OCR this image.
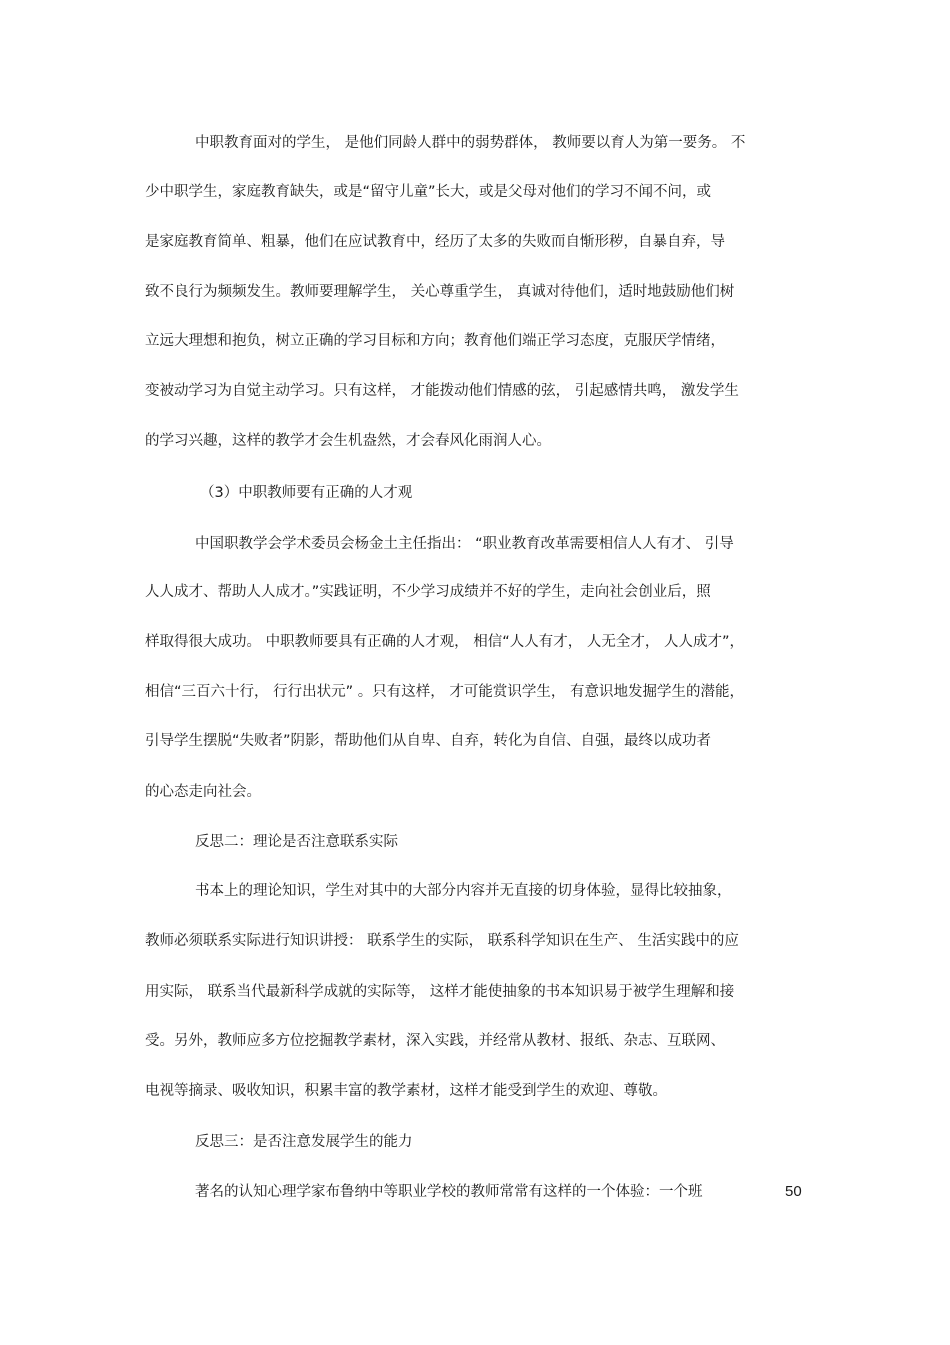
中职教育面对的学生， 是他们同龄人群中的弱势群体， 教师要以育人为第一要务。 不
少中职学生，家庭教育缺失，或是“留守儿童”长大，或是父母对他们的学习不闻不问，或
是家庭教育简单、粗暴，他们在应试教育中，经历了太多的失败而自惭形秽，自暴自弃，导
致不良行为频频发生。教师要理解学生， 关心尊重学生， 真诚对待他们，适时地鼓励他们树
立远大理想和抱负，树立正确的学习目标和方向；教育他们端正学习态度，克服厌学情绪，
变被动学习为自觉主动学习。只有这样， 才能拨动他们情感的弦， 引起感情共鸣， 激发学生
的学习兴趣，这样的教学才会生机盎然，才会春风化雨润人心。
（3）中职教师要有正确的人才观
中国职教学会学术委员会杨金土主任指出： “职业教育改革需要相信人人有才、 引导
人人成才、帮助人人成才。”实践证明，不少学习成绩并不好的学生，走向社会创业后，照
样取得很大成功。 中职教师要具有正确的人才观， 相信“人人有才， 人无全才， 人人成才”，
相信“三百六十行， 行行出状元” 。只有这样， 才可能赏识学生， 有意识地发掘学生的潜能，
引导学生摆脱“失败者”阴影，帮助他们从自卑、自弃，转化为自信、自强，最终以成功者
的心态走向社会。
反思二：理论是否注意联系实际
书本上的理论知识，学生对其中的大部分内容并无直接的切身体验，显得比较抽象，
教师必须联系实际进行知识讲授： 联系学生的实际， 联系科学知识在生产、 生活实践中的应
用实际， 联系当代最新科学成就的实际等， 这样才能使抽象的书本知识易于被学生理解和接
受。另外，教师应多方位挖掘教学素材，深入实践，并经常从教材、报纸、杂志、互联网、
电视等摘录、吸收知识，积累丰富的教学素材，这样才能受到学生的欢迎、尊敬。
反思三：是否注意发展学生的能力
著名的认知心理学家布鲁纳中等职业学校的教师常常有这样的一个体验：一个班	50
